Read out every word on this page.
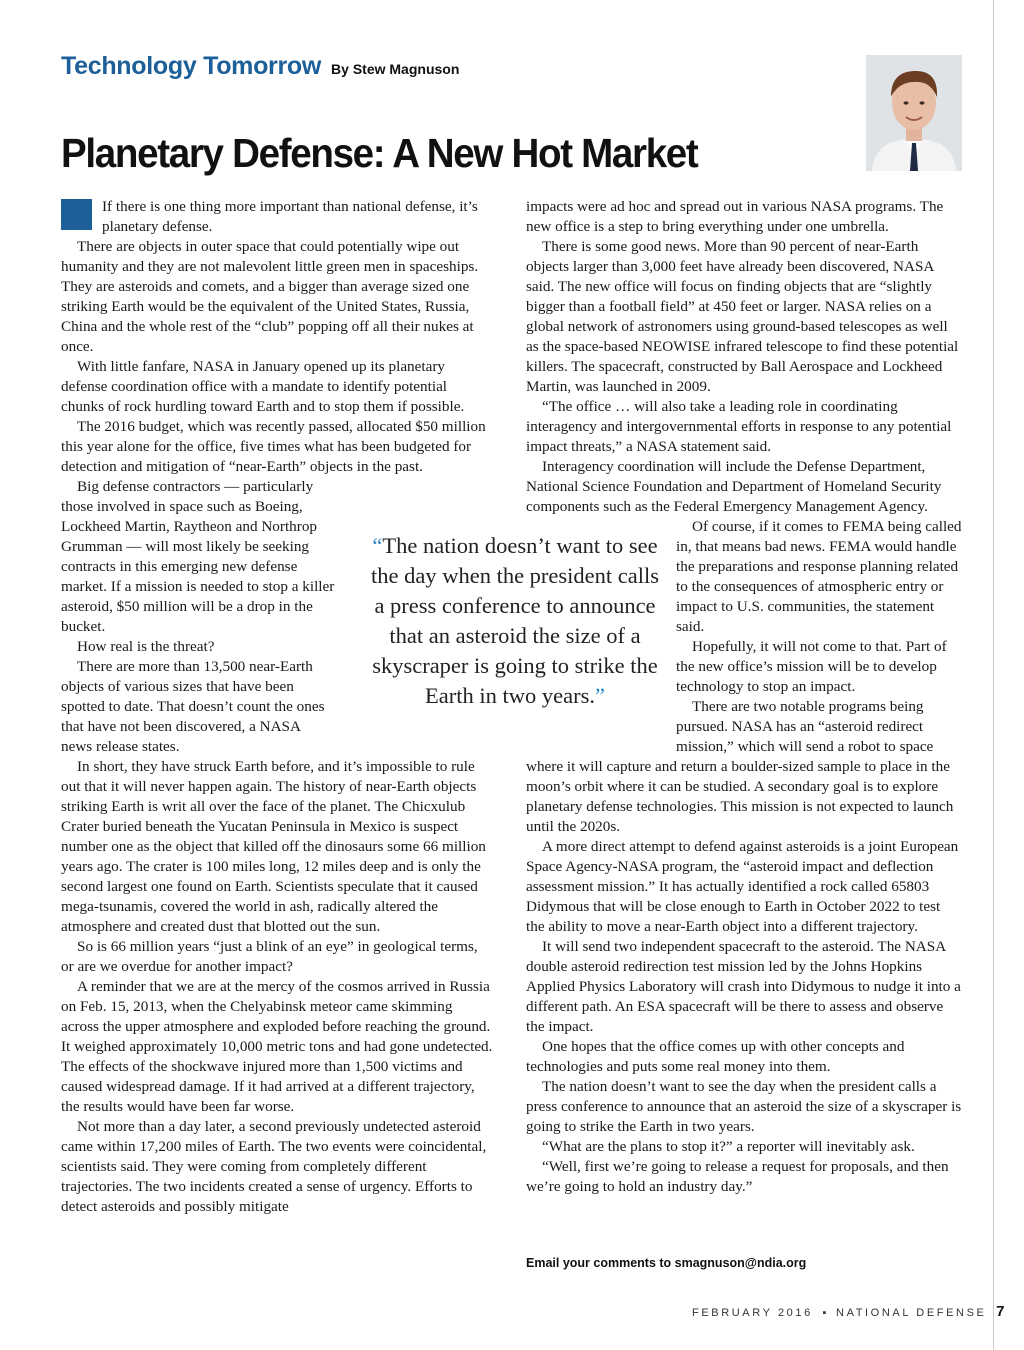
Technology Tomorrow By Stew Magnuson
Planetary Defense: A New Hot Market

If there is one thing more important than national defense, it’s planetary defense.

There are objects in outer space that could potentially wipe out humanity and they are not malevolent little green men in spaceships. They are asteroids and comets, and a bigger than average sized one striking Earth would be the equivalent of the United States, Russia, China and the whole rest of the “club” popping off all their nukes at once.

With little fanfare, NASA in January opened up its planetary defense coordination office with a mandate to identify potential chunks of rock hurdling toward Earth and to stop them if possible.

The 2016 budget, which was recently passed, allocated $50 million this year alone for the office, five times what has been budgeted for detection and mitigation of “near-Earth” objects in the past.

Big defense contractors — particularly those involved in space such as Boeing, Lockheed Martin, Raytheon and Northrop Grumman — will most likely be seeking contracts in this emerging new defense market. If a mission is needed to stop a killer asteroid, $50 million will be a drop in the bucket.

How real is the threat?

There are more than 13,500 near-Earth objects of various sizes that have been spotted to date. That doesn’t count the ones that have not been discovered, a NASA news release states.

In short, they have struck Earth before, and it’s impossible to rule out that it will never happen again. The history of near-Earth objects striking Earth is writ all over the face of the planet. The Chicxulub Crater buried beneath the Yucatan Peninsula in Mexico is suspect number one as the object that killed off the dinosaurs some 66 million years ago. The crater is 100 miles long, 12 miles deep and is only the second largest one found on Earth. Scientists speculate that it caused mega-tsunamis, covered the world in ash, radically altered the atmosphere and created dust that blotted out the sun.

So is 66 million years “just a blink of an eye” in geological terms, or are we overdue for another impact?

A reminder that we are at the mercy of the cosmos arrived in Russia on Feb. 15, 2013, when the Chelyabinsk meteor came skimming across the upper atmosphere and exploded before reaching the ground. It weighed approximately 10,000 metric tons and had gone undetected. The effects of the shockwave injured more than 1,500 victims and caused widespread damage. If it had arrived at a different trajectory, the results would have been far worse.

Not more than a day later, a second previously undetected asteroid came within 17,200 miles of Earth. The two events were coincidental, scientists said. They were coming from completely different trajectories. The two incidents created a sense of urgency. Efforts to detect asteroids and possibly mitigate

impacts were ad hoc and spread out in various NASA programs. The new office is a step to bring everything under one umbrella.

There is some good news. More than 90 percent of near-Earth objects larger than 3,000 feet have already been discovered, NASA said. The new office will focus on finding objects that are “slightly bigger than a football field” at 450 feet or larger. NASA relies on a global network of astronomers using ground-based telescopes as well as the space-based NEOWISE infrared telescope to find these potential killers. The spacecraft, constructed by Ball Aerospace and Lockheed Martin, was launched in 2009.

“The office … will also take a leading role in coordinating interagency and intergovernmental efforts in response to any potential impact threats,” a NASA statement said.

Interagency coordination will include the Defense Department, National Science Foundation and Department of Homeland Security components such as the Federal Emergency Management Agency.

Of course, if it comes to FEMA being called in, that means bad news. FEMA would handle the preparations and response planning related to the consequences of atmospheric entry or impact to U.S. communities, the statement said.

Hopefully, it will not come to that. Part of the new office’s mission will be to develop technology to stop an impact.

There are two notable programs being pursued. NASA has an “asteroid redirect mission,” which will send a robot to space where it will capture and return a boulder-sized sample to place in the moon’s orbit where it can be studied. A secondary goal is to explore planetary defense technologies. This mission is not expected to launch until the 2020s.

A more direct attempt to defend against asteroids is a joint European Space Agency-NASA program, the “asteroid impact and deflection assessment mission.” It has actually identified a rock called 65803 Didymous that will be close enough to Earth in October 2022 to test the ability to move a near-Earth object into a different trajectory.

It will send two independent spacecraft to the asteroid. The NASA double asteroid redirection test mission led by the Johns Hopkins Applied Physics Laboratory will crash into Didymous to nudge it into a different path. An ESA spacecraft will be there to assess and observe the impact.

One hopes that the office comes up with other concepts and technologies and puts some real money into them.

The nation doesn’t want to see the day when the president calls a press conference to announce that an asteroid the size of a skyscraper is going to strike the Earth in two years.

“What are the plans to stop it?” a reporter will inevitably ask.

“Well, first we’re going to release a request for proposals, and then we’re going to hold an industry day.”

“The nation doesn’t want to see the day when the president calls a press conference to announce that an asteroid the size of a skyscraper is going to strike the Earth in two years.”
Email your comments to smagnuson@ndia.org
FEBRUARY 2016 ▪ NATIONAL DEFENSE 7
